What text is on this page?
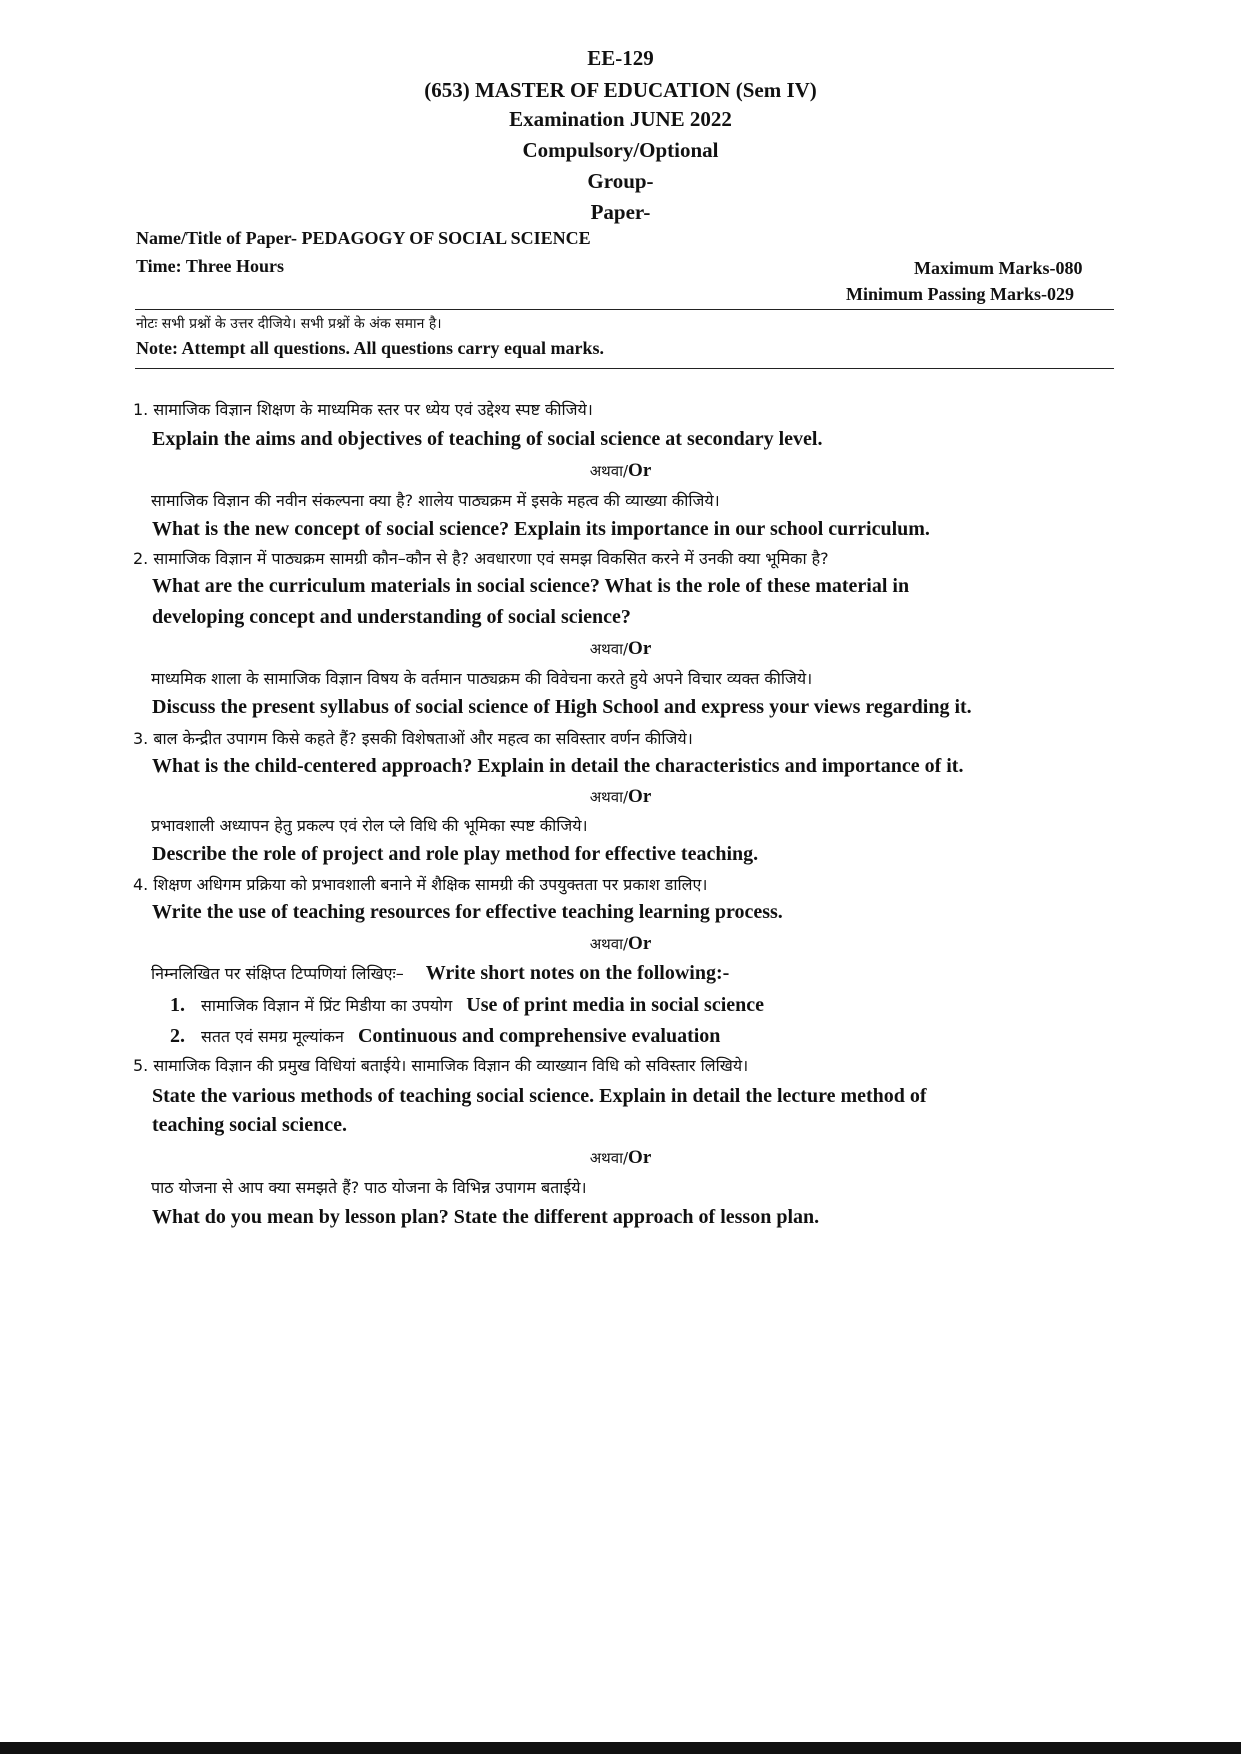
EE-129
(653) MASTER OF EDUCATION (Sem IV)
Examination JUNE 2022
Compulsory/Optional
Group-
Paper-
Name/Title of Paper- PEDAGOGY OF SOCIAL SCIENCE
Time: Three Hours	Maximum Marks-080
Minimum Passing Marks-029
नोटः सभी प्रश्नों के उत्तर दीजिये। सभी प्रश्नों के अंक समान है।
Note: Attempt all questions. All questions carry equal marks.
1. सामाजिक विज्ञान शिक्षण के माध्यमिक स्तर पर ध्येय एवं उद्देश्य स्पष्ट कीजिये।
Explain the aims and objectives of teaching of social science at secondary level.
अथवा/Or
सामाजिक विज्ञान की नवीन संकल्पना क्या है? शालेय पाठ्यक्रम में इसके महत्व की व्याख्या कीजिये।
What is the new concept of social science? Explain its importance in our school curriculum.
2. सामाजिक विज्ञान में पाठ्यक्रम सामग्री कौन–कौन से है? अवधारणा एवं समझ विकसित करने में उनकी क्या भूमिका है?
What are the curriculum materials in social science? What is the role of these material in
developing concept and understanding of social science?
अथवा/Or
माध्यमिक शाला के सामाजिक विज्ञान विषय के वर्तमान पाठ्यक्रम की विवेचना करते हुये अपने विचार व्यक्त कीजिये।
Discuss the present syllabus of social science of High School and express your views regarding it.
3. बाल केन्द्रीत उपागम किसे कहते हैं? इसकी विशेषताओं और महत्व का सविस्तार वर्णन कीजिये।
What is the child-centered approach? Explain in detail the characteristics and importance of it.
अथवा/Or
प्रभावशाली अध्यापन हेतु प्रकल्प एवं रोल प्ले विधि की भूमिका स्पष्ट कीजिये।
Describe the role of project and role play method for effective teaching.
4. शिक्षण अधिगम प्रक्रिया को प्रभावशाली बनाने में शैक्षिक सामग्री की उपयुक्तता पर प्रकाश डालिए।
Write the use of teaching resources for effective teaching learning process.
अथवा/Or
निम्नलिखित पर संक्षिप्त टिप्पणियां लिखिएः– Write short notes on the following:-
1. सामाजिक विज्ञान में प्रिंट मिडीया का उपयोग Use of print media in social science
2. सतत एवं समग्र मूल्यांकन Continuous and comprehensive evaluation
5. सामाजिक विज्ञान की प्रमुख विधियां बताईये। सामाजिक विज्ञान की व्याख्यान विधि को सविस्तार लिखिये।
State the various methods of teaching social science. Explain in detail the lecture method of
teaching social science.
अथवा/Or
पाठ योजना से आप क्या समझते हैं? पाठ योजना के विभिन्न उपागम बताईये।
What do you mean by lesson plan? State the different approach of lesson plan.
